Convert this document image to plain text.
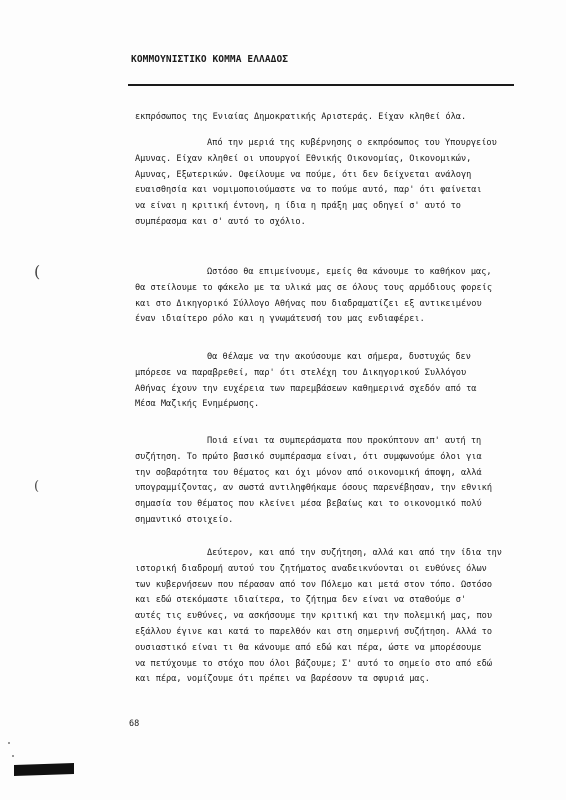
ΚΟΜΜΟΥΝΙΣΤΙΚΟ ΚΟΜΜΑ ΕΛΛΑΔΟΣ
εκπρόσωπος της Ενιαίας Δημοκρατικής Αριστεράς. Είχαν κληθεί όλα.
Από την μεριά της κυβέρνησης ο εκπρόσωπος του Υπουργείου
Αμυνας. Είχαν κληθεί οι υπουργοί Εθνικής Οικονομίας, Οικονομικών,
Αμυνας, Εξωτερικών. Οφείλουμε να πούμε, ότι δεν δείχνεται ανάλογη
ευαισθησία και νομιμοποιούμαστε να το πούμε αυτό, παρ' ότι φαίνεται
να είναι η κριτική έντονη, η ίδια η πράξη μας οδηγεί σ' αυτό το
συμπέρασμα και σ' αυτό το σχόλιο.
Ωστόσο θα επιμείνουμε, εμείς θα κάνουμε το καθήκον μας,
θα στείλουμε το φάκελο με τα υλικά μας σε όλους τους αρμόδιους φορείς
και στο Δικηγορικό Σύλλογο Αθήνας που διαδραματίζει εξ αντικειμένου
έναν ιδιαίτερο ρόλο και η γνωμάτευσή του μας ενδιαφέρει.
Θα θέλαμε να την ακούσουμε και σήμερα, δυστυχώς δεν
μπόρεσε να παραβρεθεί, παρ' ότι στελέχη του Δικηγορικού Συλλόγου
Αθήνας έχουν την ευχέρεια των παρεμβάσεων καθημερινά σχεδόν από τα
Μέσα Μαζικής Ενημέρωσης.
Ποιά είναι τα συμπεράσματα που προκύπτουν απ' αυτή τη
συζήτηση. Το πρώτο βασικό συμπέρασμα είναι, ότι συμφωνούμε όλοι για
την σοβαρότητα του θέματος και όχι μόνον από οικονομική άποψη, αλλά
υπογραμμίζοντας, αν σωστά αντιληφθήκαμε όσους παρενέβησαν, την εθνική
σημασία του θέματος που κλείνει μέσα βεβαίως και το οικονομικό πολύ
σημαντικό στοιχείο.
Δεύτερον, και από την συζήτηση, αλλά και από την ίδια την
ιστορική διαδρομή αυτού του ζητήματος αναδεικνύονται οι ευθύνες όλων
των κυβερνήσεων που πέρασαν από τον Πόλεμο και μετά στον τόπο. Ωστόσο
και εδώ στεκόμαστε ιδιαίτερα, το ζήτημα δεν είναι να σταθούμε σ'
αυτές τις ευθύνες, να ασκήσουμε την κριτική και την πολεμική μας, που
εξάλλου έγινε και κατά το παρελθόν και στη σημερινή συζήτηση. Αλλά το
ουσιαστικό είναι τι θα κάνουμε από εδώ και πέρα, ώστε να μπορέσουμε
να πετύχουμε το στόχο που όλοι βάζουμε; Σ' αυτό το σημείο στο από εδώ
και πέρα, νομίζουμε ότι πρέπει να βαρέσουν τα σφυριά μας.
68
(
(
